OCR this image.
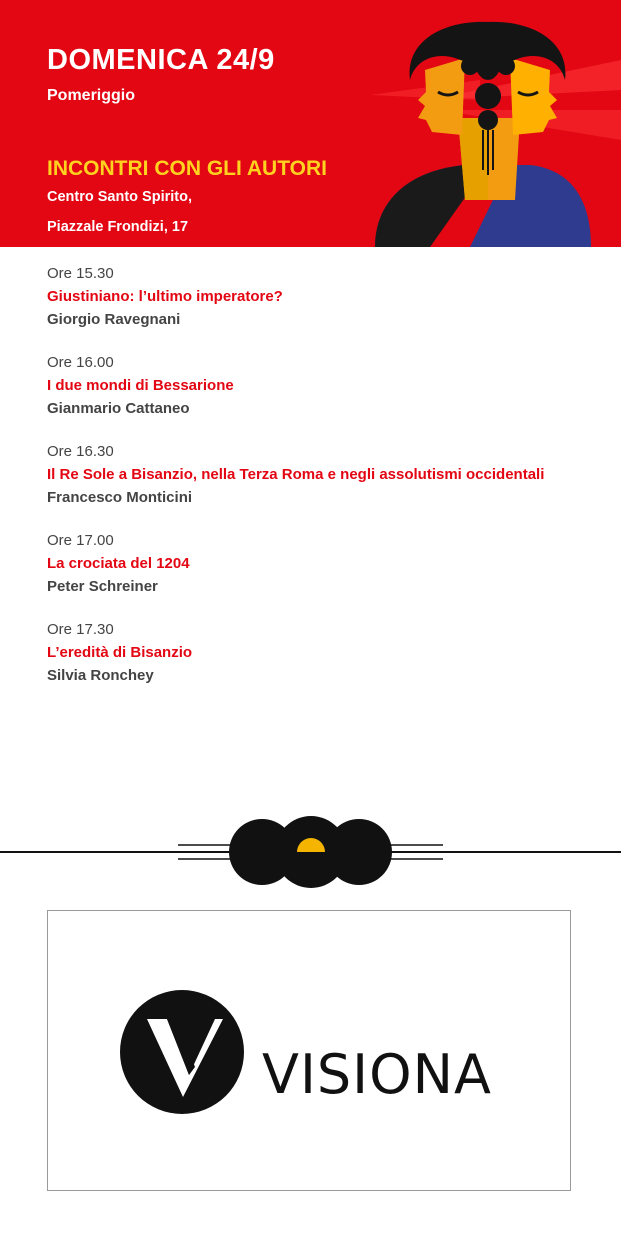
DOMENICA 24/9
Pomeriggio
INCONTRI CON GLI AUTORI
Centro Santo Spirito,
Piazzale Frondizi, 17
Ore 15.30
Giustiniano: l’ultimo imperatore?
Giorgio Ravegnani
Ore 16.00
I due mondi di Bessarione
Gianmario Cattaneo
Ore 16.30
Il Re Sole a Bisanzio, nella Terza Roma e negli assolutismi occidentali
Francesco Monticini
Ore 17.00
La crociata del 1204
Peter Schreiner
Ore 17.30
L’eredità di Bisanzio
Silvia Ronchey
VISIONA
